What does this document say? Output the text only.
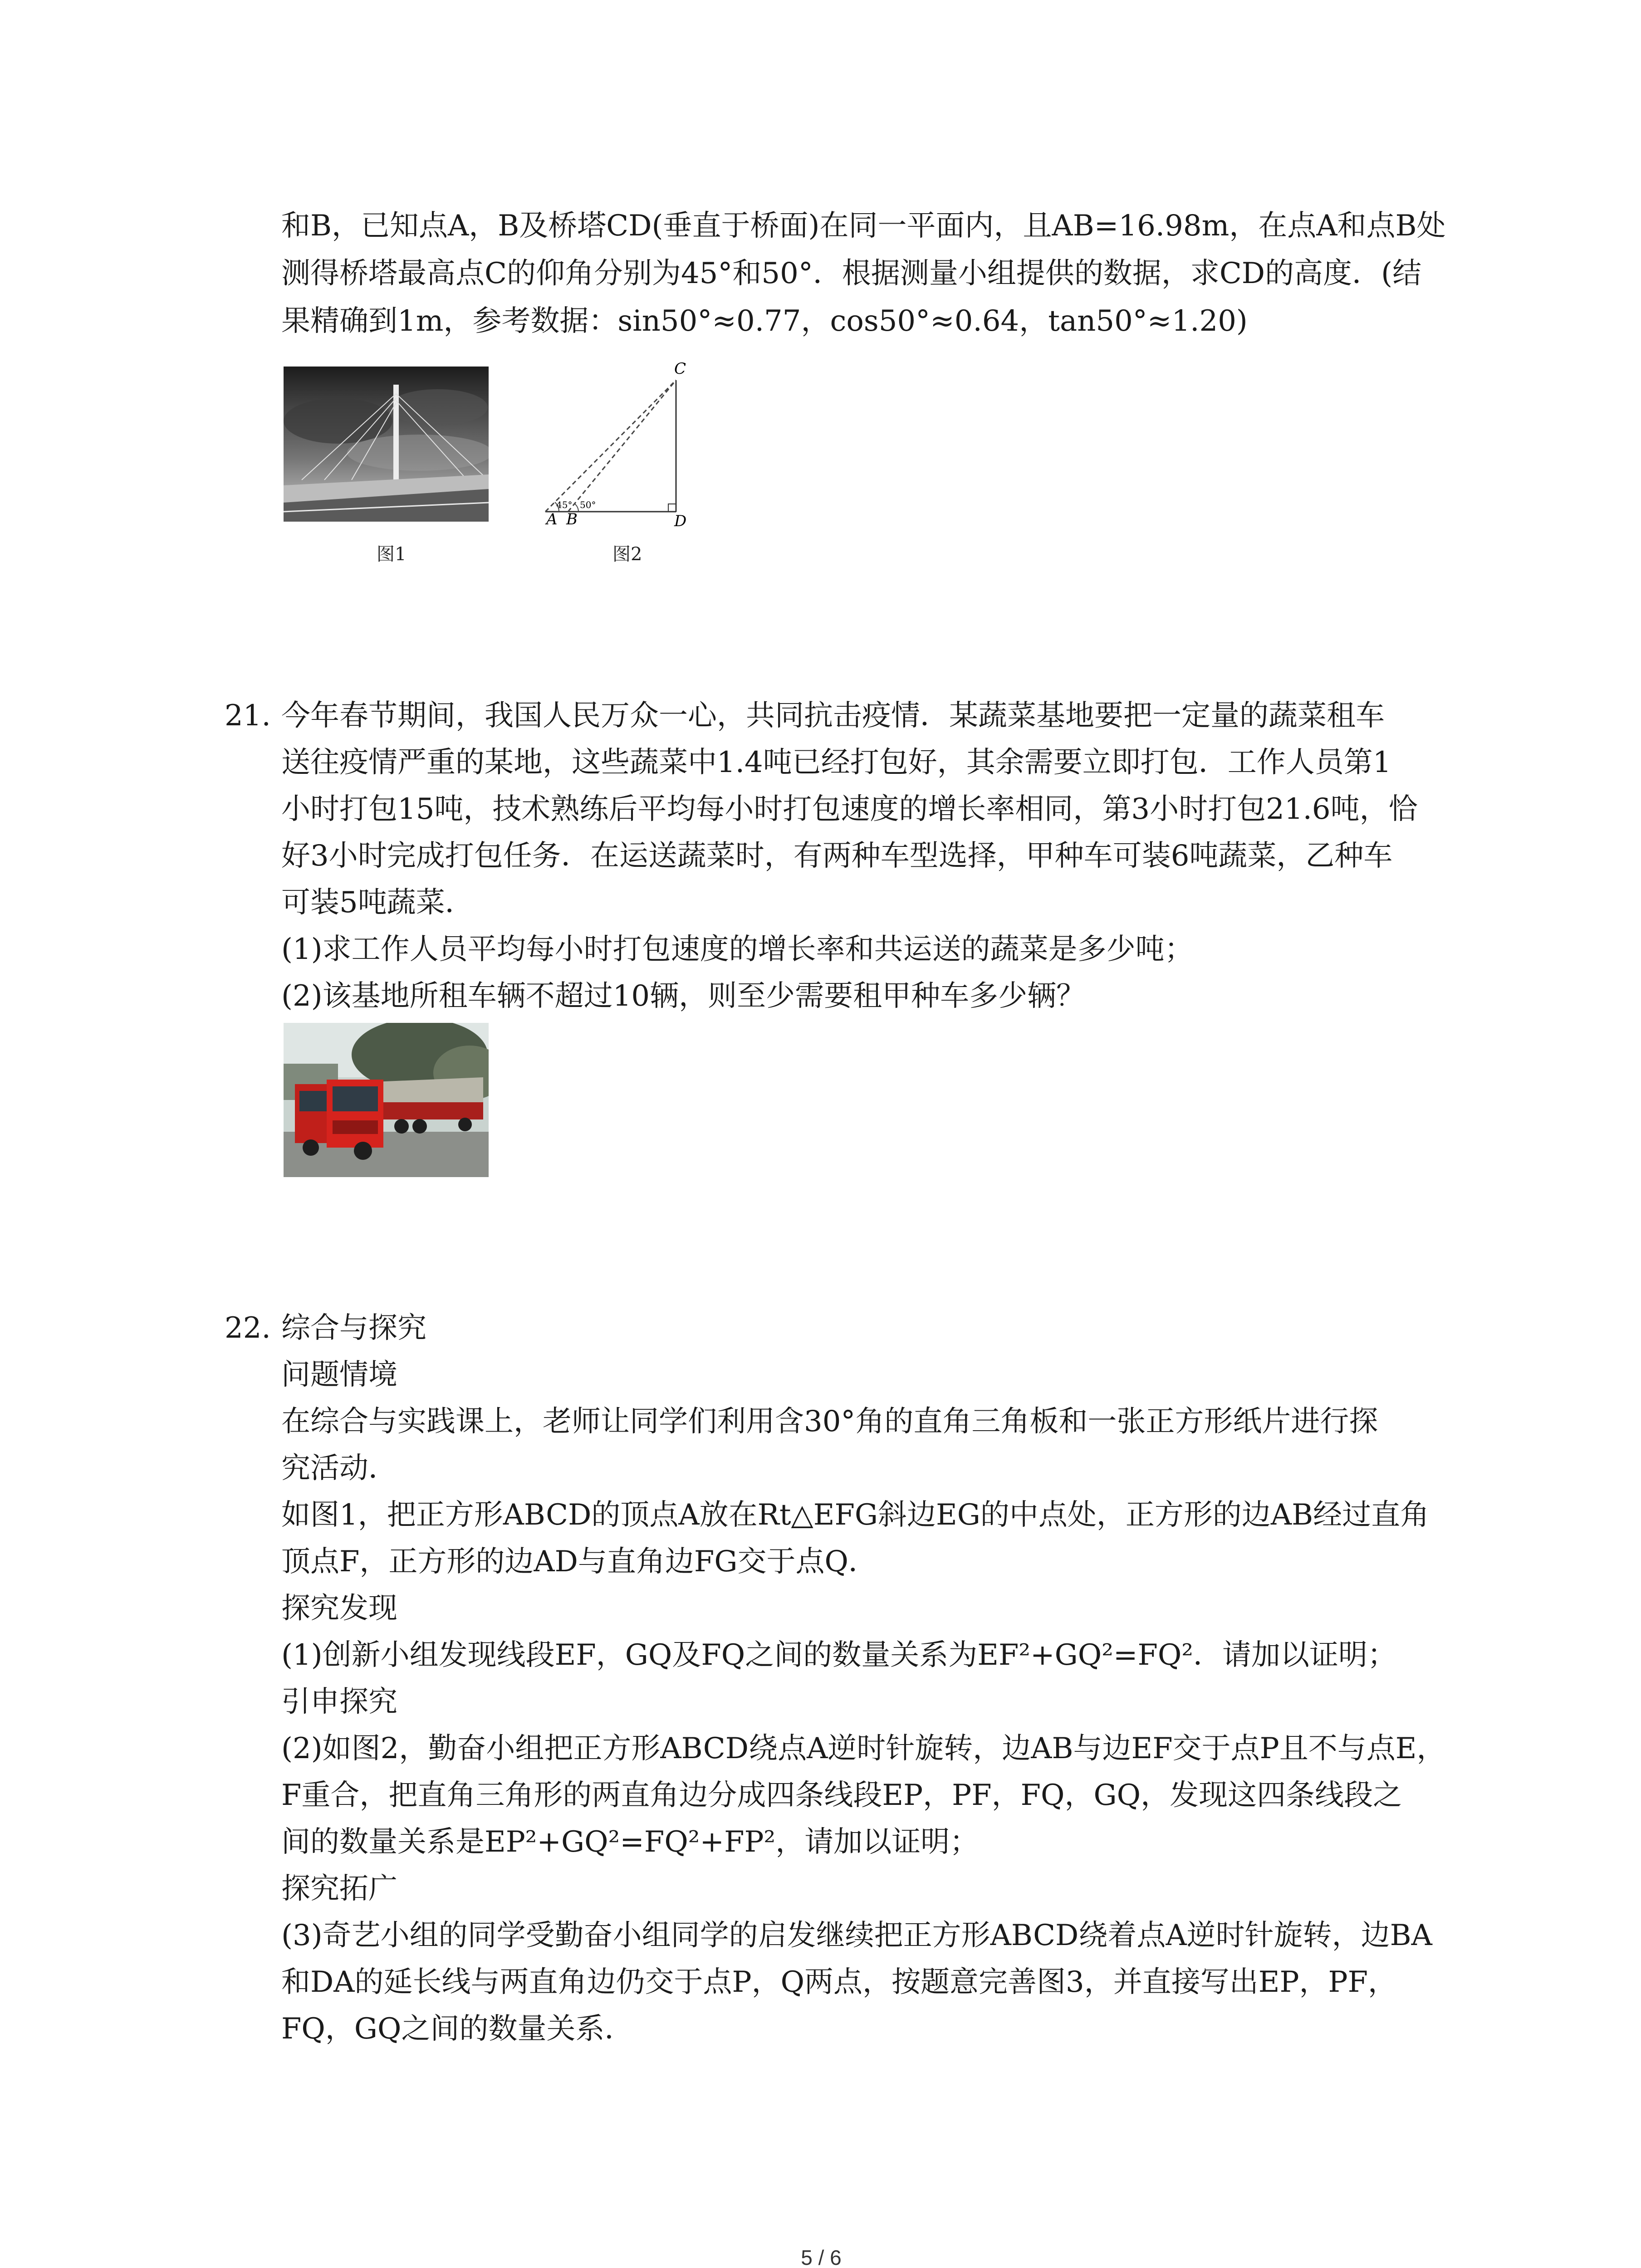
和B，已知点A，B及桥塔CD(垂直于桥面)在同一平面内，且AB=16.98m，在点A和点B处
测得桥塔最高点C的仰角分别为45°和50°．根据测量小组提供的数据，求CD的高度．(结
果精确到1m，参考数据：sin50°≈0.77，cos50°≈0.64，tan50°≈1.20)
图1
A B	D
C
45° 50°
图2
21. 今年春节期间，我国人民万众一心，共同抗击疫情．某蔬菜基地要把一定量的蔬菜租车
送往疫情严重的某地，这些蔬菜中1.4吨已经打包好，其余需要立即打包．工作人员第1
小时打包15吨，技术熟练后平均每小时打包速度的增长率相同，第3小时打包21.6吨，恰
好3小时完成打包任务．在运送蔬菜时，有两种车型选择，甲种车可装6吨蔬菜，乙种车
可装5吨蔬菜．
(1)求工作人员平均每小时打包速度的增长率和共运送的蔬菜是多少吨；
(2)该基地所租车辆不超过10辆，则至少需要租甲种车多少辆？
22. 综合与探究
问题情境
在综合与实践课上，老师让同学们利用含30°角的直角三角板和一张正方形纸片进行探
究活动．
如图1，把正方形ABCD的顶点A放在Rt△EFG斜边EG的中点处，正方形的边AB经过直角
顶点F，正方形的边AD与直角边FG交于点Q．
探究发现
(1)创新小组发现线段EF，GQ及FQ之间的数量关系为EF²+GQ²=FQ²．请加以证明；
引申探究
(2)如图2，勤奋小组把正方形ABCD绕点A逆时针旋转，边AB与边EF交于点P且不与点E，
F重合，把直角三角形的两直角边分成四条线段EP，PF，FQ，GQ，发现这四条线段之
间的数量关系是EP²+GQ²=FQ²+FP²，请加以证明；
探究拓广
(3)奇艺小组的同学受勤奋小组同学的启发继续把正方形ABCD绕着点A逆时针旋转，边BA
和DA的延长线与两直角边仍交于点P，Q两点，按题意完善图3，并直接写出EP，PF，
FQ，GQ之间的数量关系．
5 / 6
